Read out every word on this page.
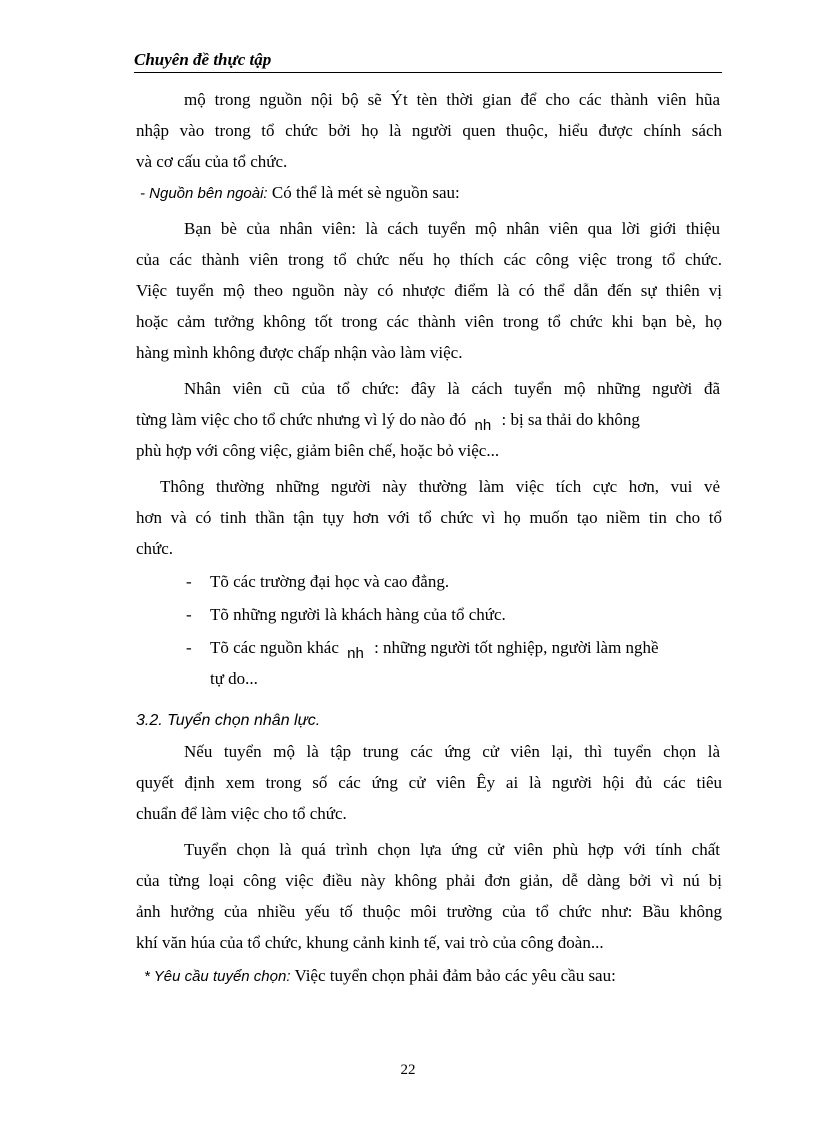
Chuyên đề thực tập
mộ trong nguồn nội bộ sẽ Ýt tèn thời gian để cho các thành viên hũa
nhập vào trong tổ chức bởi họ là người quen thuộc, hiểu được chính sách
và cơ cấu của tổ chức.
- Nguồn bên ngoài: Có thể là mét sè nguồn sau:
Bạn bè của nhân viên: là cách tuyển mộ nhân viên qua lời giới thiệu
của các thành viên trong tổ chức nếu họ thích các công việc trong tổ chức.
Việc tuyển mộ theo nguồn này có nhược điểm là có thể dẫn đến sự thiên vị
hoặc cảm tưởng không tốt trong các thành viên trong tổ chức khi bạn bè, họ
hàng mình không được chấp nhận vào làm việc.
Nhân viên cũ của tổ chức: đây là cách tuyển mộ những người đã
từng làm việc cho tổ chức nhưng vì lý do nào đó nh : bị sa thải do không
phù hợp với công việc, giảm biên chế, hoặc bỏ việc...
Thông thường những người này thường làm việc tích cực hơn, vui vẻ
hơn và có tinh thần tận tụy hơn với tổ chức vì họ muốn tạo niềm tin cho tổ
chức.
- Tõ các trường đại học và cao đẳng.
- Tõ những người là khách hàng của tổ chức.
- Tõ các nguồn khác nh : những người tốt nghiệp, người làm nghề
tự do...
3.2. Tuyển chọn nhân lực.
Nếu tuyển mộ là tập trung các ứng cử viên lại, thì tuyển chọn là
quyết định xem trong số các ứng cử viên Êy ai là người hội đủ các tiêu
chuẩn để làm việc cho tổ chức.
Tuyển chọn là quá trình chọn lựa ứng cử viên phù hợp với tính chất
của từng loại công việc điều này không phải đơn giản, dễ dàng bởi vì nú bị
ảnh hưởng của nhiều yếu tố thuộc môi trường của tổ chức như: Bầu không
khí văn húa của tổ chức, khung cảnh kinh tế, vai trò của công đoàn...
* Yêu cầu tuyển chọn: Việc tuyển chọn phải đảm bảo các yêu cầu sau:
22
